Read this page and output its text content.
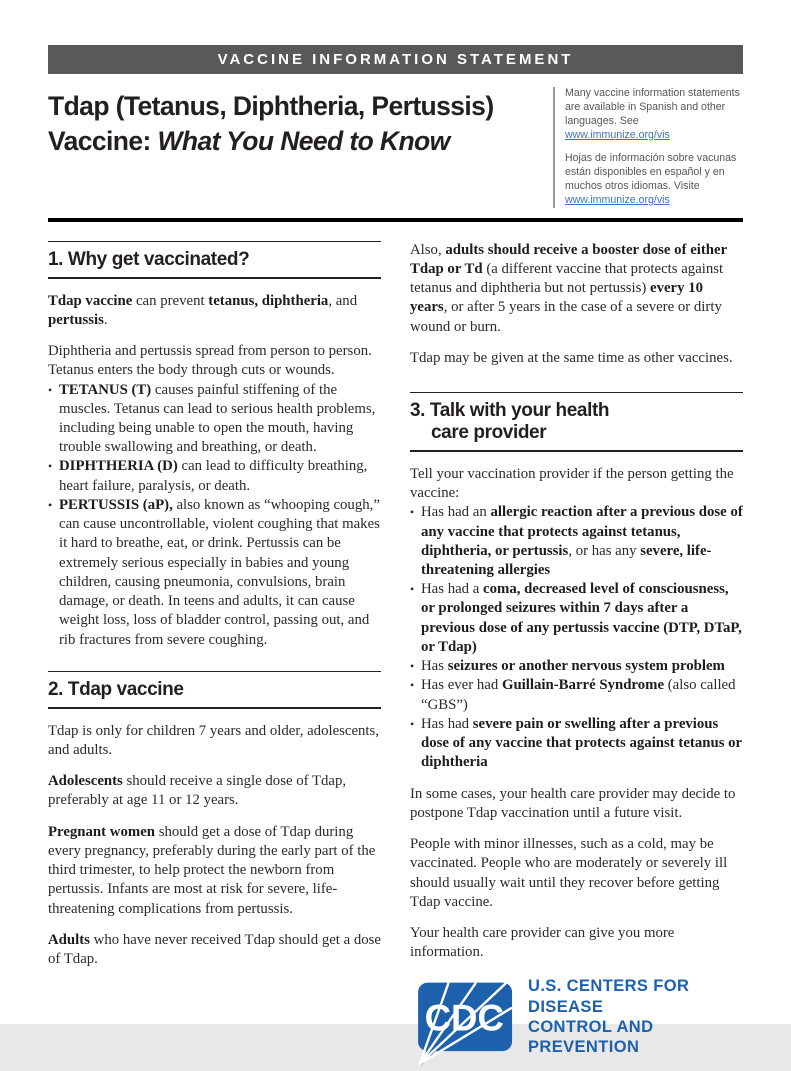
VACCINE INFORMATION STATEMENT
Tdap (Tetanus, Diphtheria, Pertussis)
Vaccine: What You Need to Know

Many vaccine information statements are available in Spanish and other languages. See www.immunize.org/vis

Hojas de información sobre vacunas están disponibles en español y en muchos otros idiomas. Visite www.immunize.org/vis

1. Why get vaccinated?

Tdap vaccine can prevent tetanus, diphtheria, and pertussis.

Diphtheria and pertussis spread from person to person. Tetanus enters the body through cuts or wounds.

• TETANUS (T) causes painful stiffening of the muscles. Tetanus can lead to serious health problems, including being unable to open the mouth, having trouble swallowing and breathing, or death.
• DIPHTHERIA (D) can lead to difficulty breathing, heart failure, paralysis, or death.
• PERTUSSIS (aP), also known as “whooping cough,” can cause uncontrollable, violent coughing that makes it hard to breathe, eat, or drink. Pertussis can be extremely serious especially in babies and young children, causing pneumonia, convulsions, brain damage, or death. In teens and adults, it can cause weight loss, loss of bladder control, passing out, and rib fractures from severe coughing.
2. Tdap vaccine

Tdap is only for children 7 years and older, adolescents, and adults.

Adolescents should receive a single dose of Tdap, preferably at age 11 or 12 years.

Pregnant women should get a dose of Tdap during every pregnancy, preferably during the early part of the third trimester, to help protect the newborn from pertussis. Infants are most at risk for severe, life-threatening complications from pertussis.

Adults who have never received Tdap should get a dose of Tdap.

Also, adults should receive a booster dose of either Tdap or Td (a different vaccine that protects against tetanus and diphtheria but not pertussis) every 10 years, or after 5 years in the case of a severe or dirty wound or burn.

Tdap may be given at the same time as other vaccines.

3. Talk with your health
care provider

Tell your vaccination provider if the person getting the vaccine:

• Has had an allergic reaction after a previous dose of any vaccine that protects against tetanus, diphtheria, or pertussis, or has any severe, life-threatening allergies
• Has had a coma, decreased level of consciousness, or prolonged seizures within 7 days after a previous dose of any pertussis vaccine (DTP, DTaP, or Tdap)
• Has seizures or another nervous system problem
• Has ever had Guillain-Barré Syndrome (also called “GBS”)
• Has had severe pain or swelling after a previous dose of any vaccine that protects against tetanus or diphtheria

In some cases, your health care provider may decide to postpone Tdap vaccination until a future visit.

People with minor illnesses, such as a cold, may be vaccinated. People who are moderately or severely ill should usually wait until they recover before getting Tdap vaccine.

Your health care provider can give you more information.

CDC
U.S. CENTERS FOR DISEASE
CONTROL AND PREVENTION
